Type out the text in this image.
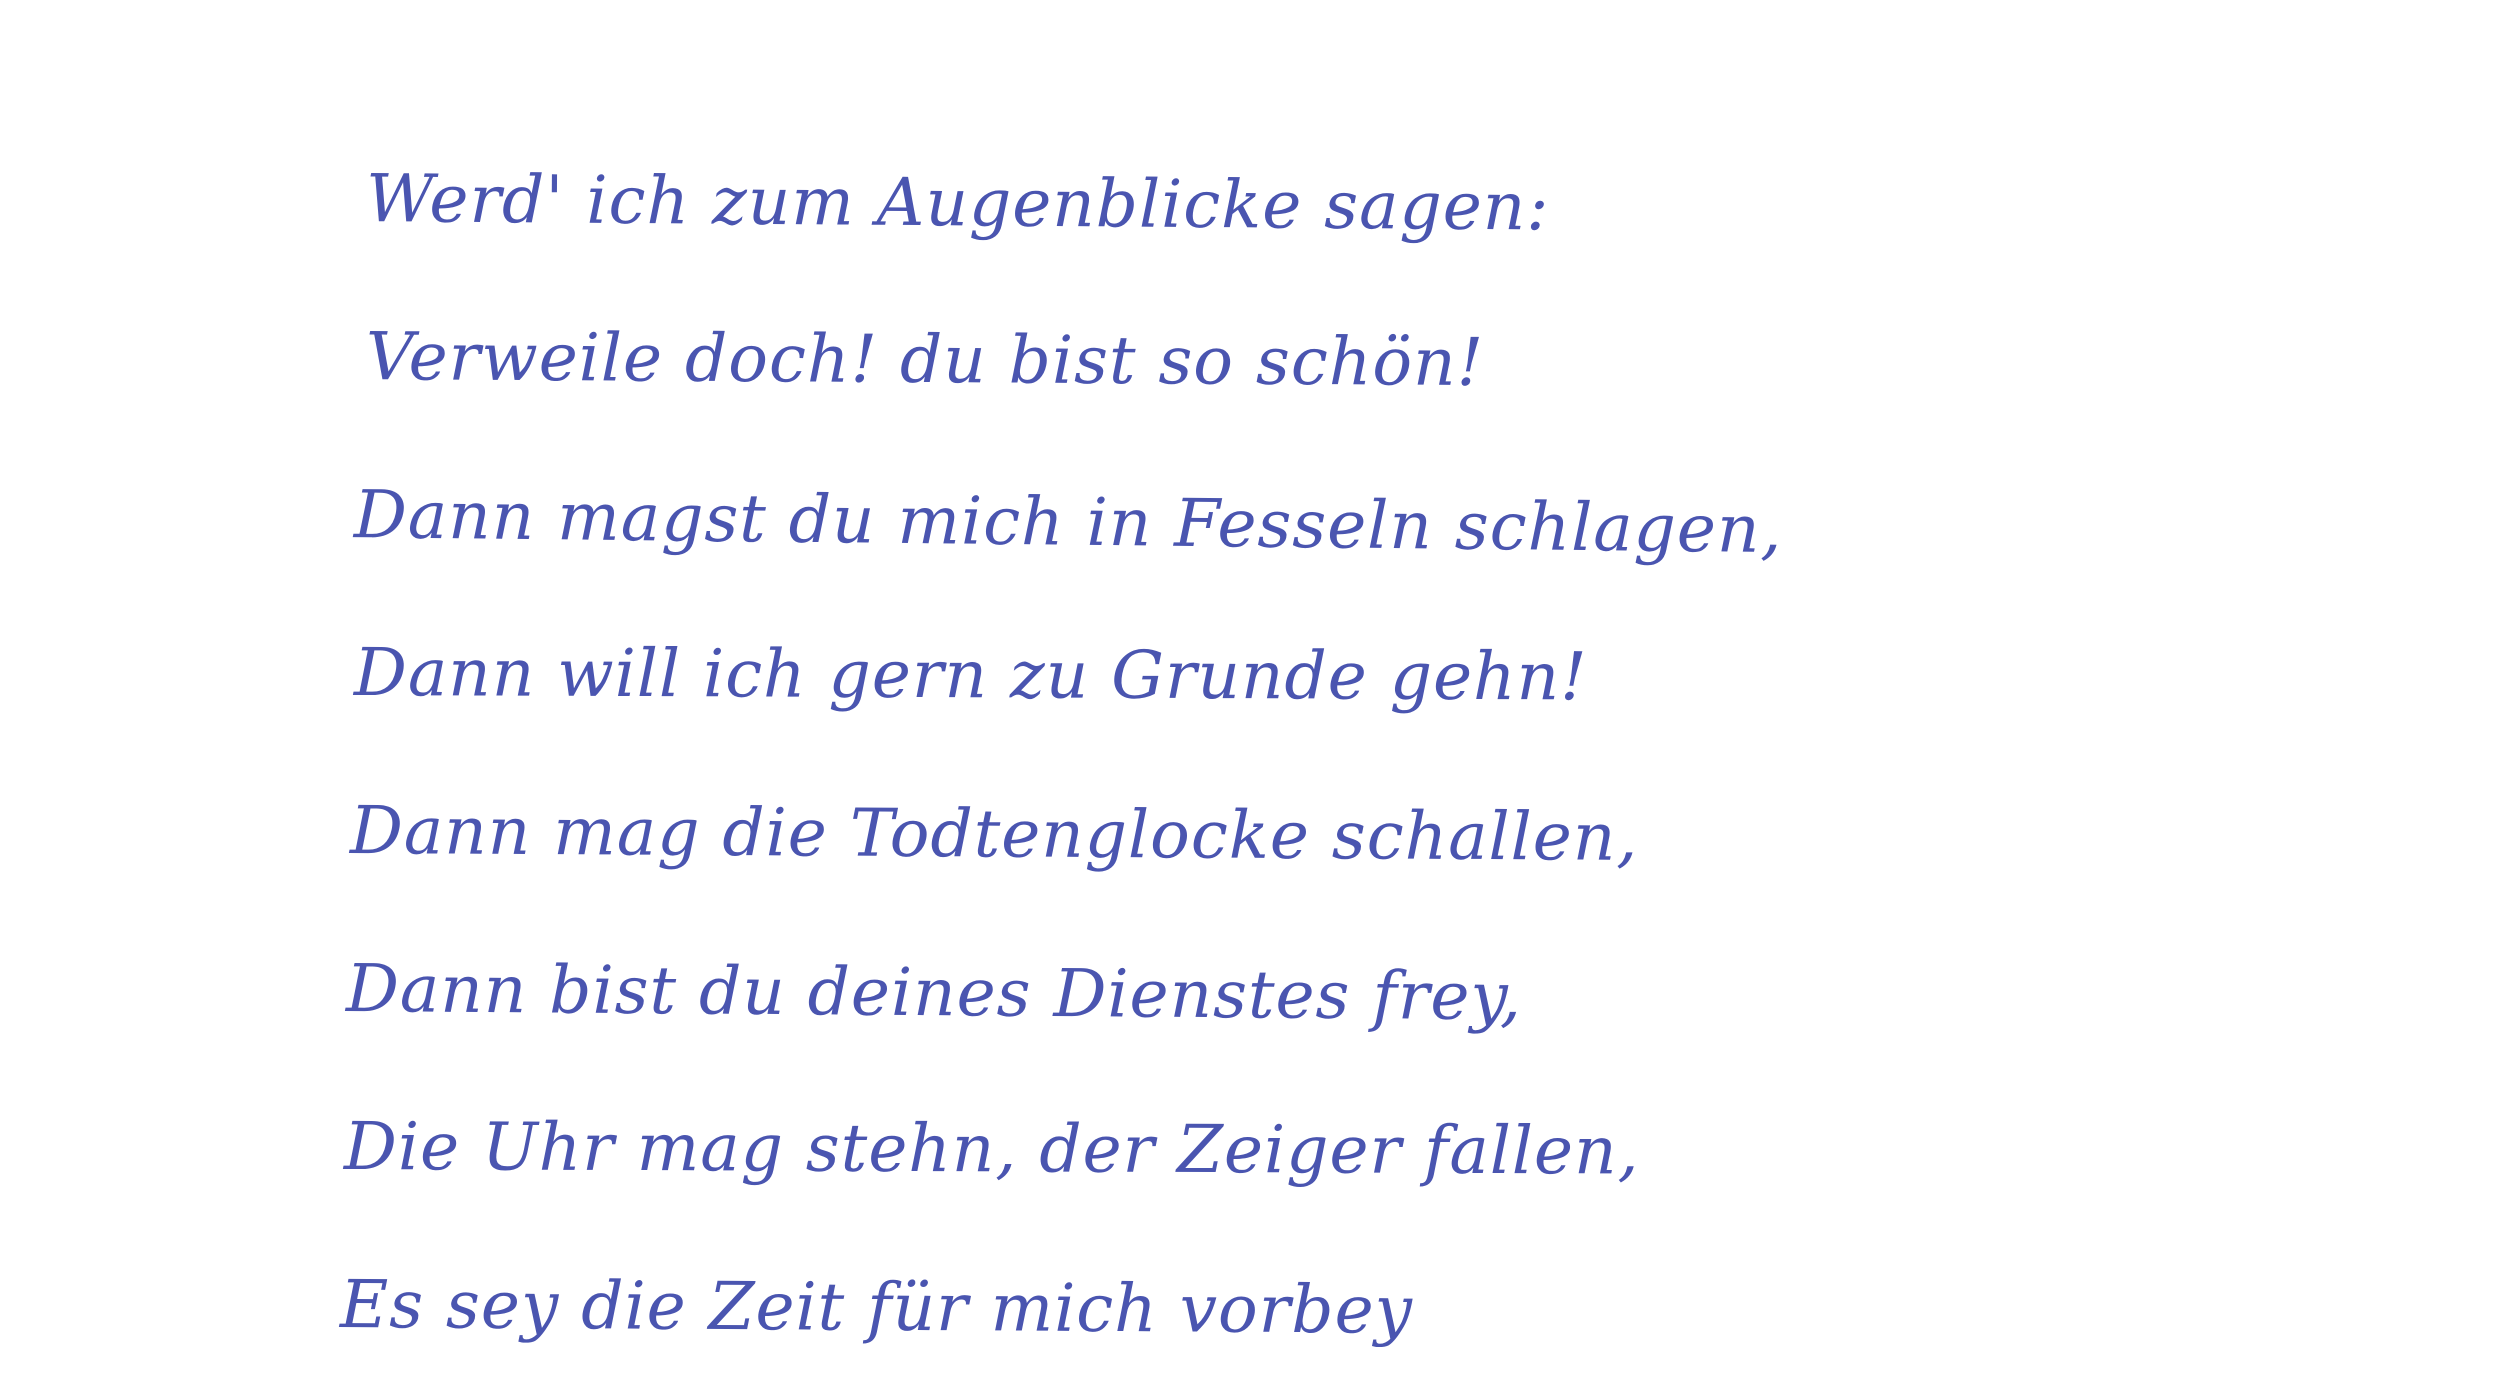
Werd' ich zum Augenblicke sagen:
Verweile doch! du bist so schön!
Dann magst du mich in Fesseln schlagen,
Dann will ich gern zu Grunde gehn!
Dann mag die Todtenglocke schallen,
Dann bist du deines Dienstes frey,
Die Uhr mag stehn, der Zeiger fallen,
Es sey die Zeit für mich vorbey
